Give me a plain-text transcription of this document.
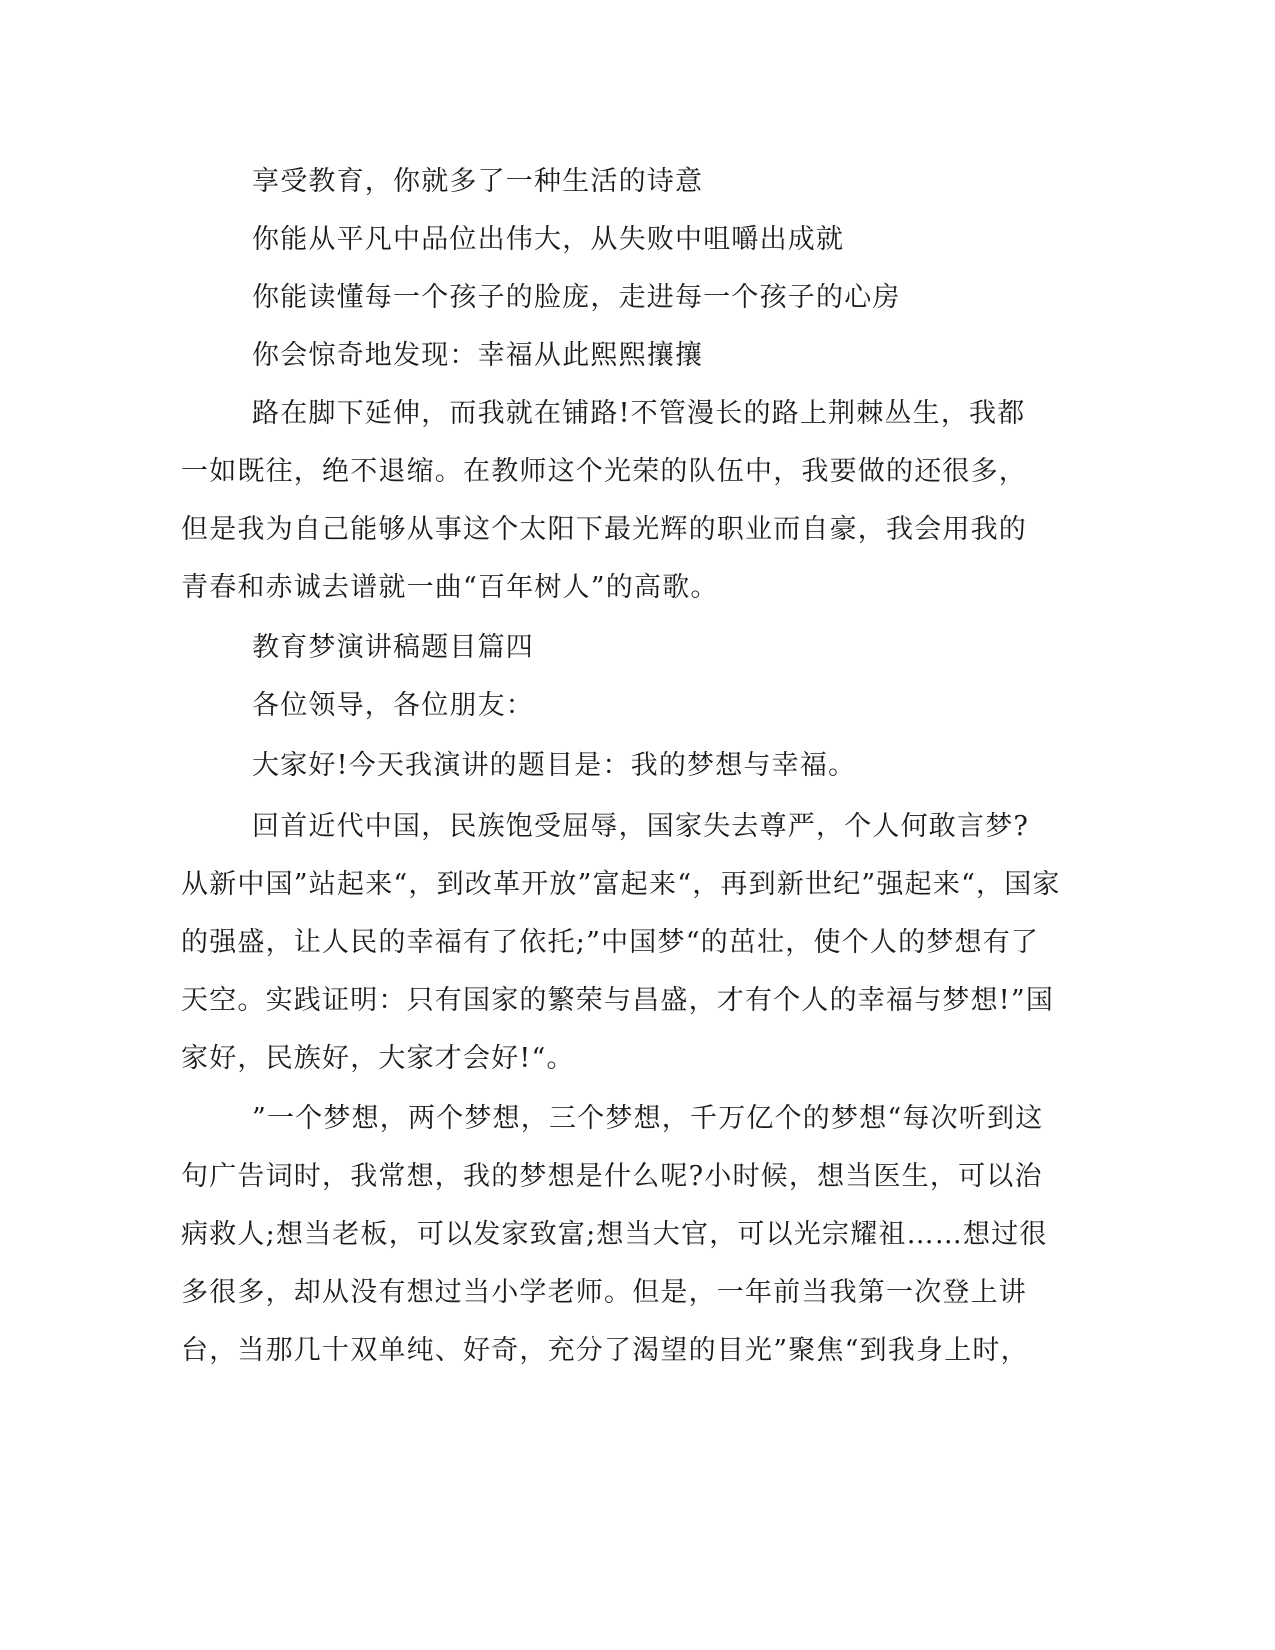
享受教育，你就多了一种生活的诗意
你能从平凡中品位出伟大，从失败中咀嚼出成就
你能读懂每一个孩子的脸庞，走进每一个孩子的心房
你会惊奇地发现：幸福从此熙熙攘攘
路在脚下延伸，而我就在铺路!不管漫长的路上荆棘丛生，我都
一如既往，绝不退缩。在教师这个光荣的队伍中，我要做的还很多，
但是我为自己能够从事这个太阳下最光辉的职业而自豪，我会用我的
青春和赤诚去谱就一曲“百年树人”的高歌。
教育梦演讲稿题目篇四
各位领导，各位朋友：
大家好!今天我演讲的题目是：我的梦想与幸福。
回首近代中国，民族饱受屈辱，国家失去尊严，个人何敢言梦?
从新中国”站起来“，到改革开放”富起来“，再到新世纪”强起来“，国家
的强盛，让人民的幸福有了依托;”中国梦“的茁壮，使个人的梦想有了
天空。实践证明：只有国家的繁荣与昌盛，才有个人的幸福与梦想!”国
家好，民族好，大家才会好!“。
”一个梦想，两个梦想，三个梦想，千万亿个的梦想“每次听到这
句广告词时，我常想，我的梦想是什么呢?小时候，想当医生，可以治
病救人;想当老板，可以发家致富;想当大官，可以光宗耀祖……想过很
多很多，却从没有想过当小学老师。但是，一年前当我第一次登上讲
台，当那几十双单纯、好奇，充分了渴望的目光”聚焦“到我身上时，
